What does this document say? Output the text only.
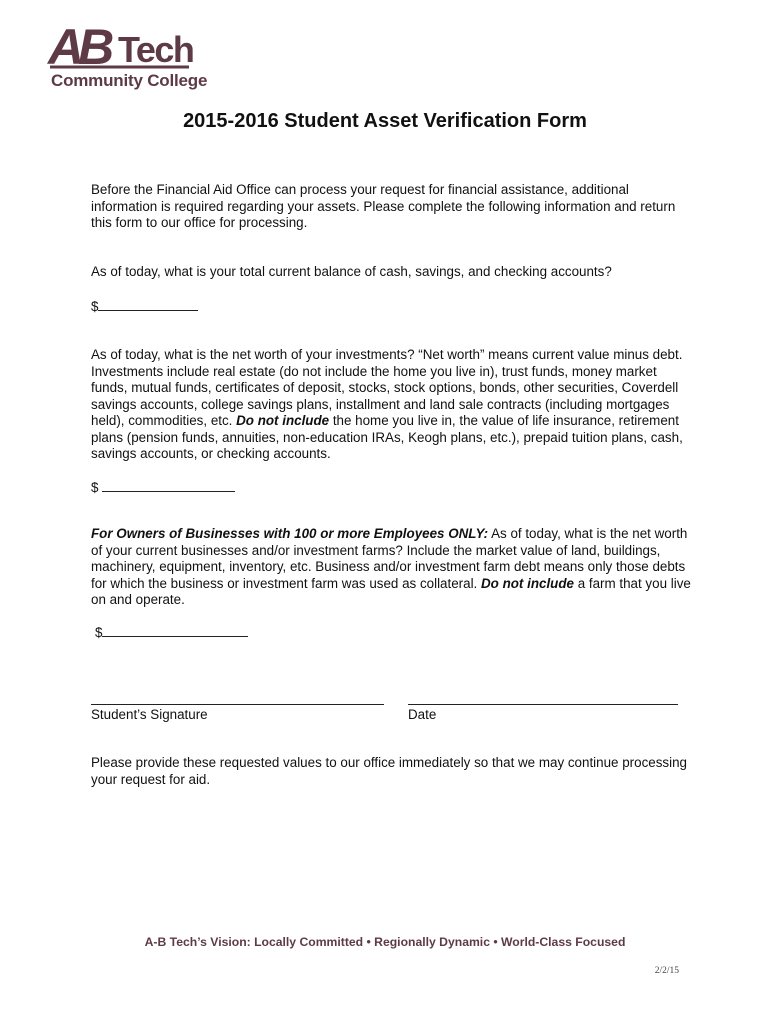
AB Tech
Community College
2015-2016 Student Asset Verification Form
Before the Financial Aid Office can process your request for financial assistance, additional information is required regarding your assets. Please complete the following information and return this form to our office for processing.
As of today, what is your total current balance of cash, savings, and checking accounts?
$
As of today, what is the net worth of your investments? “Net worth” means current value minus debt. Investments include real estate (do not include the home you live in), trust funds, money market funds, mutual funds, certificates of deposit, stocks, stock options, bonds, other securities, Coverdell savings accounts, college savings plans, installment and land sale contracts (including mortgages held), commodities, etc. Do not include the home you live in, the value of life insurance, retirement plans (pension funds, annuities, non-education IRAs, Keogh plans, etc.), prepaid tuition plans, cash, savings accounts, or checking accounts.
$
For Owners of Businesses with 100 or more Employees ONLY: As of today, what is the net worth of your current businesses and/or investment farms? Include the market value of land, buildings, machinery, equipment, inventory, etc. Business and/or investment farm debt means only those debts for which the business or investment farm was used as collateral. Do not include a farm that you live on and operate.
$
Student’s Signature	Date
Please provide these requested values to our office immediately so that we may continue processing your request for aid.
A-B Tech’s Vision: Locally Committed • Regionally Dynamic • World-Class Focused
2/2/15
